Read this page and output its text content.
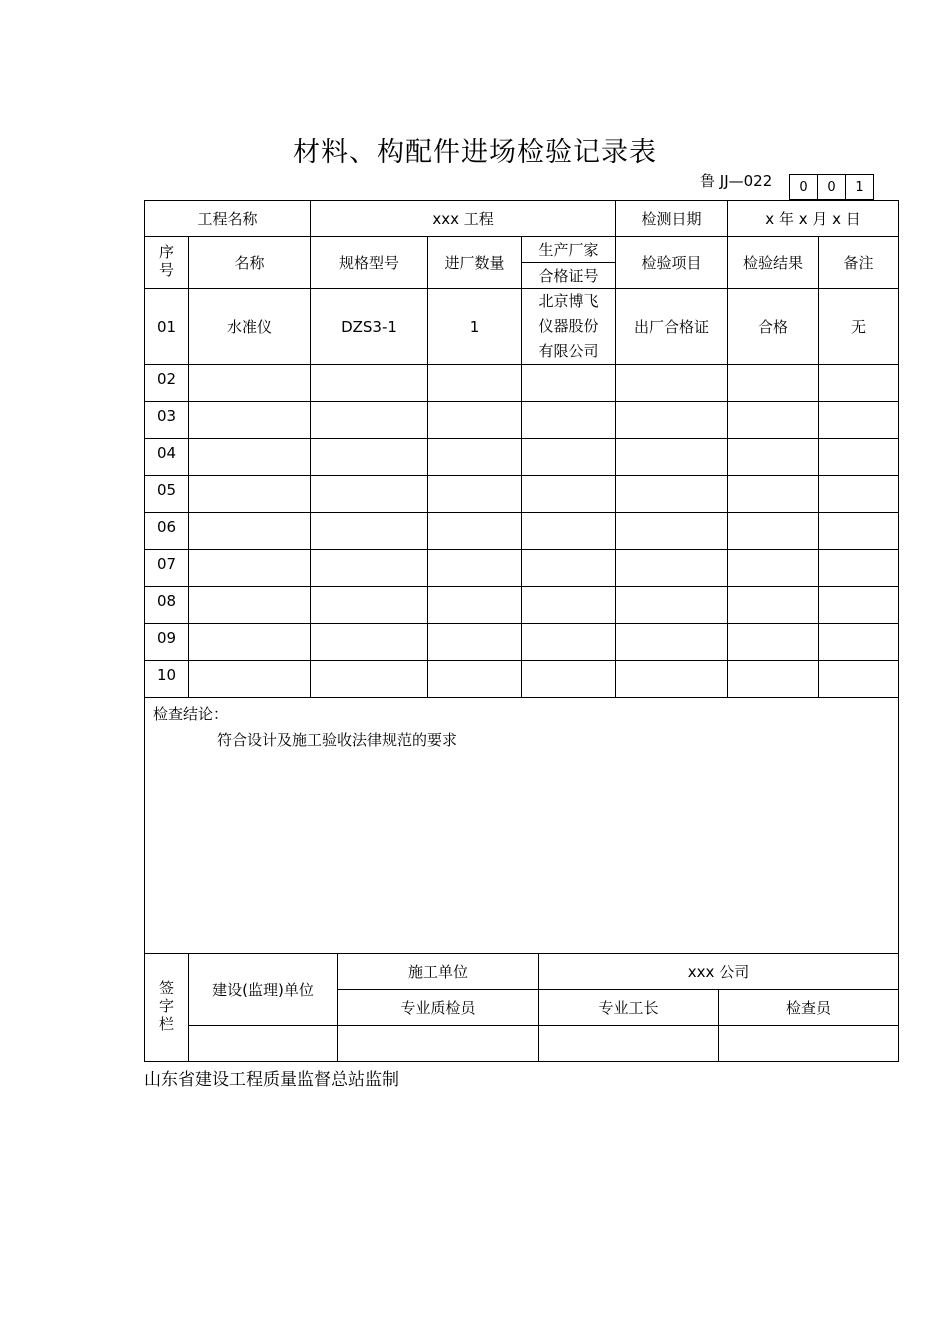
材料、构配件进场检验记录表
鲁 JJ—022 0	0	1
工程名称		xxx 工程			检测日期	x 年 x 月 x 日	
序号	名称	规格型号	进厂数量	生产厂家	检验项目	检验结果	备注
				合格证号			
01	水准仪	DZS3-1	1	北京博飞仪器股份有限公司	出厂合格证	合格	无
02							
03							
04							
05							
06							
07							
08							
09							
10							

检查结论：
符合设计及施工验收法律规范的要求							
签字栏	建设(监理)单位	施工单位	xxx 公司	
		专业质检员	专业工长	检查员

山东省建设工程质量监督总站监制
